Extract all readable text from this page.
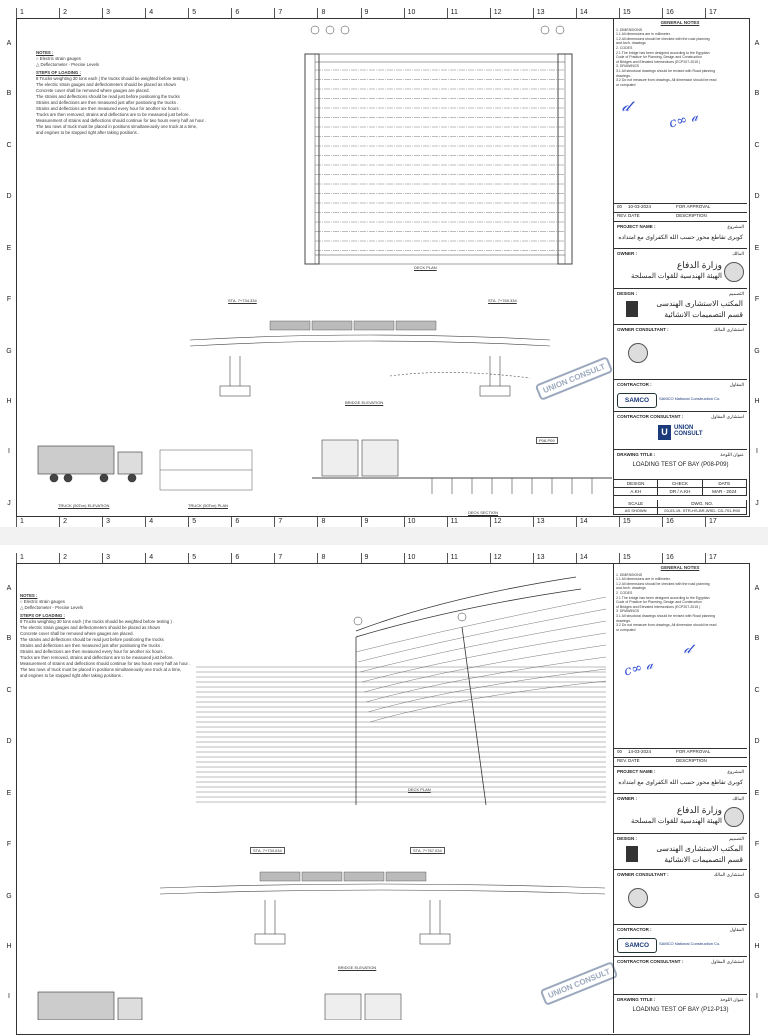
1	2	3	4	5	6	7	8	9	10	11	12	13	14	15	16	17
1	2	3	4	5	6	7	8	9	10	11	12	13	14	15	16	17
A
B
C
D
E
F
G
H
I
J
A
B
C
D
E
F
G
H
I
J
NOTES :
○ Electric strain gauges
△ Deflectometer - Precise Levels
STEPS OF LOADING :
8 Trucks weighting 30 tons each ( the trucks should be weighted before testing ) .
The electric strain gauges and deflectometers should be placed as shown
Concrete cover shall be removed where gauges are placed.
The strains and deflections should be read just before positioning the trucks
Strains and deflections are then measured just after positioning the trucks .
Strains and deflections are then measured every hour for another six hours .
Trucks are then removed, strains and deflections are to be measured just before.
Measurement of strains and deflections should continue for two hours every half an hour .
The two rows of truck must be placed in positions simultaneously one truck at a time,
and engines to be stopped right after taking positions .
DECK PLAN
STA. 7+734.334	STA. 7+769.334
BRIDGE ELEVATION
UNION CONSULT
TRUCK (50Ton) ELEVATION	TRUCK (50Ton) PLAN
P08-P09
DECK SECTION
GENERAL NOTES
1. DIMENSIONS
1.1 All dimensions are in millimeter.
1.2 All dimensions should be checked with the road planning
and Arch. drawings
2. CODES
2.1 The bridge has been designed according to the Egyptian
Code of Practice for Planning, Design and Construction
of Bridges and Elevated Intersections (ECP207-2015 )
3. DRAWINGS
3.1 All structural drawings should be revised with Road planning
drawings.
3.2 Do not measure from drawings, All dimension should be read
or computed
𝒹
c∞ 𝒶
00 10-03-2024	FOR APPROVAL
REV. DATE	DESCRIPTION
PROJECT NAME :	المشروع
كوبرى تقاطع محور حسب الله الكفراوى مع امتداده
OWNER :	المالك
وزارة الدفاع
الهيئة الهندسية للقوات المسلحة
DESIGN :	التصميم
المكتب الاستشارى الهندسى
قسم التصميمات الانشائية
OWNER CONSULTANT :	استشارى المالك
CONTRACTOR :	المقاول
SAMCO	SAMCO National Construction Co.
CONTRACTOR CONSULTANT :	استشارى المقاول
UNION CONSULT
U
DRAWING TITLE :	عنوان اللوحة
LOADING TEST OF BAY (P08-P09)
DESIGN	CHECK	DATE
A.KH	DR / A.KH	MAR - 2024
SCALE	DWG. NO.
AS SHOWN	03-03-19- STR-HS-BR-WSD- CD-701-R00
1	2	3	4	5	6	7	8	9	10	11	12	13	14	15	16	17
A
B
C
D
E
F
G
H
I
A
B
C
D
E
F
G
H
I
NOTES :
○ Electric strain gauges
△ Deflectometer - Precise Levels
STEPS OF LOADING :
8 Trucks weighting 30 tons each ( the trucks should be weighted before testing ) .
The electric strain gauges and deflectometers should be placed as shown
Concrete cover shall be removed where gauges are placed.
The strains and deflections should be read just before positioning the trucks
Strains and deflections are then measured just after positioning the trucks .
Strains and deflections are then measured every hour for another six hours .
Trucks are then removed, strains and deflections are to be measured just before.
Measurement of strains and deflections should continue for two hours every half an hour .
The two rows of truck must be placed in positions simultaneously one truck at a time,
and engines to be stopped right after taking positions .
DECK PLAN
STA. 7+734.034	STA. 7+767.034
BRIDGE ELEVATION	UNION CONSULT
GENERAL NOTES
1. DIMENSIONS
1.1 All dimensions are in millimeter.
1.2 All dimensions should be checked with the road planning
and Arch. drawings
2. CODES
2.1 The bridge has been designed according to the Egyptian
Code of Practice for Planning, Design and Construction
of Bridges and Elevated Intersections (ECP207-2015 )
3. DRAWINGS
3.1 All structural drawings should be revised with Road planning
drawings.
3.2 Do not measure from drawings, All dimension should be read
or computed
𝒹
c∞ 𝒶
00 14-03-2024	FOR APPROVAL
REV. DATE	DESCRIPTION
PROJECT NAME :	المشروع
كوبرى تقاطع محور حسب الله الكفراوى مع امتداده
OWNER :	المالك
وزارة الدفاع
الهيئة الهندسية للقوات المسلحة
DESIGN :	التصميم
المكتب الاستشارى الهندسى
قسم التصميمات الانشائية
OWNER CONSULTANT :	استشارى المالك
CONTRACTOR :	المقاول
SAMCO	SAMCO National Construction Co.
CONTRACTOR CONSULTANT :	استشارى المقاول
DRAWING TITLE :	عنوان اللوحة
LOADING TEST OF BAY (P12-P13)
